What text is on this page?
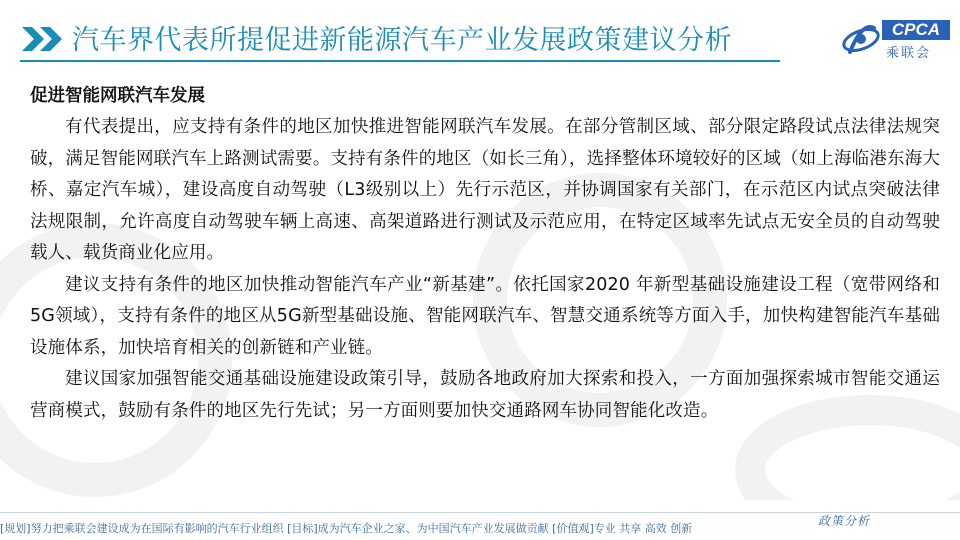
汽车界代表所提促进新能源汽车产业发展政策建议分析	CPCA
乘联会
促进智能网联汽车发展

有代表提出，应支持有条件的地区加快推进智能网联汽车发展。在部分管制区域、部分限定路段试点法律法规突破，满足智能网联汽车上路测试需要。支持有条件的地区（如长三角），选择整体环境较好的区域（如上海临港东海大桥、嘉定汽车城），建设高度自动驾驶（L3级别以上）先行示范区，并协调国家有关部门，在示范区内试点突破法律法规限制，允许高度自动驾驶车辆上高速、高架道路进行测试及示范应用，在特定区域率先试点无安全员的自动驾驶载人、载货商业化应用。

建议支持有条件的地区加快推动智能汽车产业“新基建”。依托国家2020 年新型基础设施建设工程（宽带网络和5G领域），支持有条件的地区从5G新型基础设施、智能网联汽车、智慧交通系统等方面入手，加快构建智能汽车基础设施体系，加快培育相关的创新链和产业链。

建议国家加强智能交通基础设施建设政策引导，鼓励各地政府加大探索和投入，一方面加强探索城市智能交通运营商模式，鼓励有条件的地区先行先试；另一方面则要加快交通路网车协同智能化改造。

[规划]努力把乘联会建设成为在国际有影响的汽车行业组织 [目标]成为汽车企业之家、为中国汽车产业发展做贡献 [价值观]专业 共享 高效 创新
政策分析
